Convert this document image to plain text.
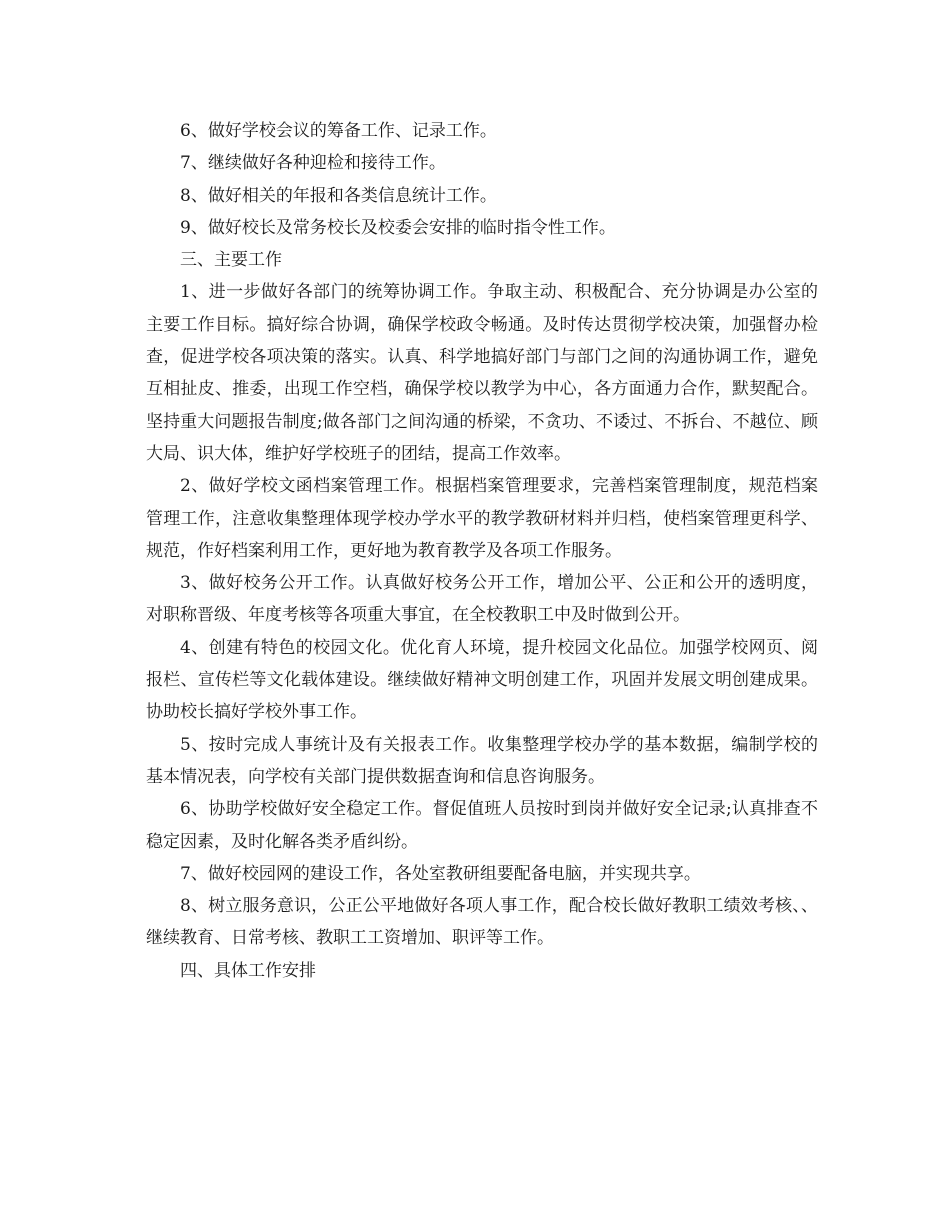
6、做好学校会议的筹备工作、记录工作。

7、继续做好各种迎检和接待工作。

8、做好相关的年报和各类信息统计工作。

9、做好校长及常务校长及校委会安排的临时指令性工作。

三、主要工作

1、进一步做好各部门的统筹协调工作。争取主动、积极配合、充分协调是办公室的主要工作目标。搞好综合协调，确保学校政令畅通。及时传达贯彻学校决策，加强督办检查，促进学校各项决策的落实。认真、科学地搞好部门与部门之间的沟通协调工作，避免互相扯皮、推委，出现工作空档，确保学校以教学为中心，各方面通力合作，默契配合。坚持重大问题报告制度;做各部门之间沟通的桥梁，不贪功、不诿过、不拆台、不越位、顾大局、识大体，维护好学校班子的团结，提高工作效率。

2、做好学校文函档案管理工作。根据档案管理要求，完善档案管理制度，规范档案管理工作，注意收集整理体现学校办学水平的教学教研材料并归档，使档案管理更科学、规范，作好档案利用工作，更好地为教育教学及各项工作服务。

3、做好校务公开工作。认真做好校务公开工作，增加公平、公正和公开的透明度，对职称晋级、年度考核等各项重大事宜，在全校教职工中及时做到公开。

4、创建有特色的校园文化。优化育人环境，提升校园文化品位。加强学校网页、阅报栏、宣传栏等文化载体建设。继续做好精神文明创建工作，巩固并发展文明创建成果。协助校长搞好学校外事工作。

5、按时完成人事统计及有关报表工作。收集整理学校办学的基本数据，编制学校的基本情况表，向学校有关部门提供数据查询和信息咨询服务。

6、协助学校做好安全稳定工作。督促值班人员按时到岗并做好安全记录;认真排查不稳定因素，及时化解各类矛盾纠纷。

7、做好校园网的建设工作，各处室教研组要配备电脑，并实现共享。

8、树立服务意识，公正公平地做好各项人事工作，配合校长做好教职工绩效考核、、继续教育、日常考核、教职工工资增加、职评等工作。

四、具体工作安排
